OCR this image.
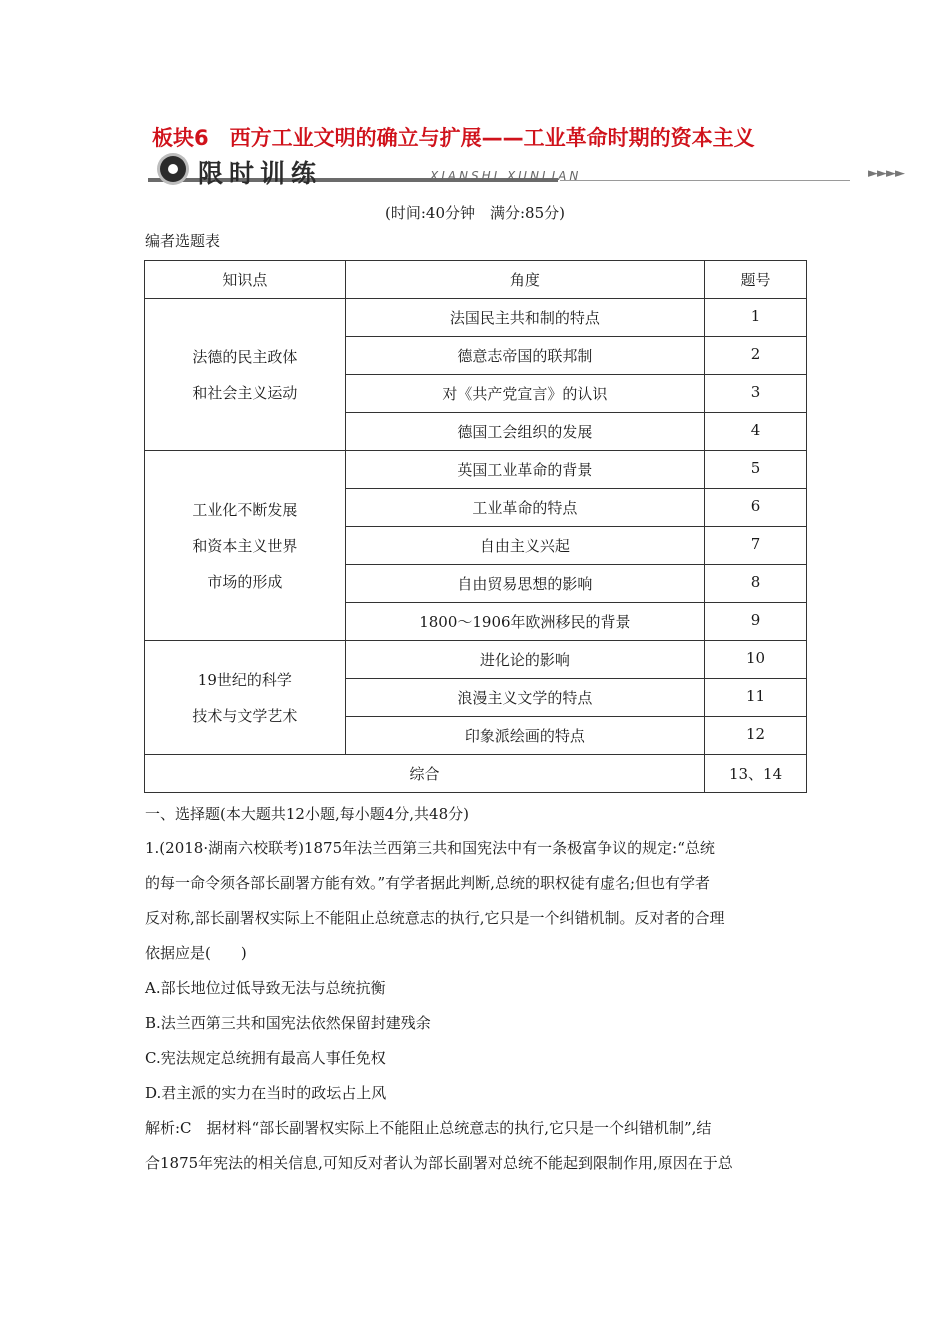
板块6　西方工业文明的确立与扩展——工业革命时期的资本主义
限时训练	XIANSHI XUNLIAN	►►►►
(时间:40分钟　满分:85分)
编者选题表
知识点	角度	题号

法德的民主政体
和社会主义运动	法国民主共和制的特点	1
	德意志帝国的联邦制	2
	对《共产党宣言》的认识	3
	德国工会组织的发展	4

工业化不断发展
和资本主义世界
市场的形成	英国工业革命的背景	5
	工业革命的特点	6
	自由主义兴起	7
	自由贸易思想的影响	8
	1800～1906年欧洲移民的背景	9

19世纪的科学
技术与文学艺术	进化论的影响	10
	浪漫主义文学的特点	11
	印象派绘画的特点	12
综合		13、14
一、选择题(本大题共12小题,每小题4分,共48分)
1.(2018·湖南六校联考)1875年法兰西第三共和国宪法中有一条极富争议的规定:“总统
的每一命令须各部长副署方能有效。”有学者据此判断,总统的职权徒有虚名;但也有学者
反对称,部长副署权实际上不能阻止总统意志的执行,它只是一个纠错机制。反对者的合理
依据应是(　　)
A.部长地位过低导致无法与总统抗衡
B.法兰西第三共和国宪法依然保留封建残余
C.宪法规定总统拥有最高人事任免权
D.君主派的实力在当时的政坛占上风
解析:C　据材料“部长副署权实际上不能阻止总统意志的执行,它只是一个纠错机制”,结
合1875年宪法的相关信息,可知反对者认为部长副署对总统不能起到限制作用,原因在于总
